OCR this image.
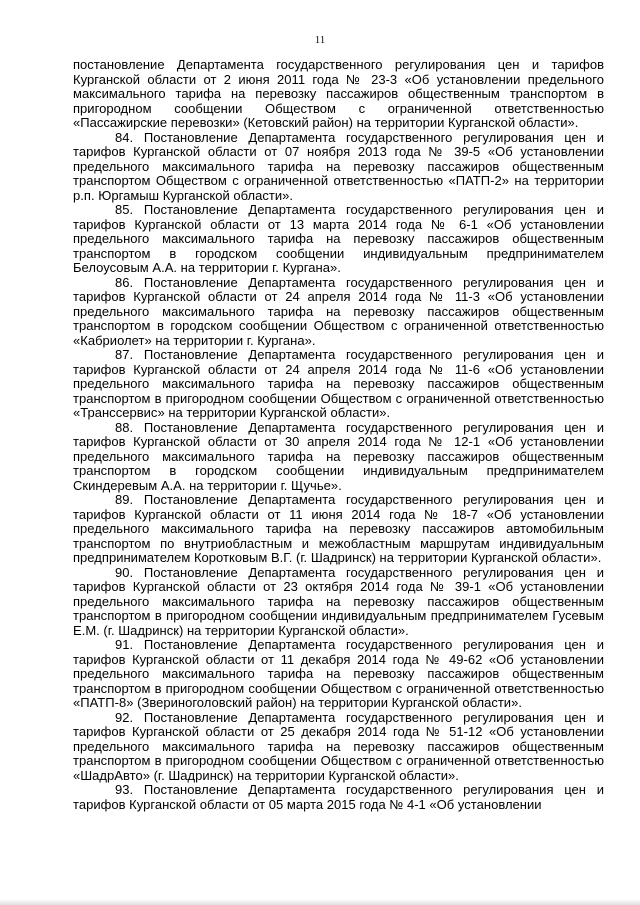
11

постановление Департамента государственного регулирования цен и тарифов Курганской области от 2 июня 2011 года № 23-3 «Об установлении предельного максимального тарифа на перевозку пассажиров общественным транспортом в пригородном сообщении Обществом с ограниченной ответственностью «Пассажирские перевозки» (Кетовский район) на территории Курганской области».

84. Постановление Департамента государственного регулирования цен и тарифов Курганской области от 07 ноября 2013 года № 39-5 «Об установлении предельного максимального тарифа на перевозку пассажиров общественным транспортом Обществом с ограниченной ответственностью «ПАТП-2» на территории р.п. Юргамыш Курганской области».

85. Постановление Департамента государственного регулирования цен и тарифов Курганской области от 13 марта 2014 года № 6-1 «Об установлении предельного максимального тарифа на перевозку пассажиров общественным транспортом в городском сообщении индивидуальным предпринимателем Белоусовым А.А. на территории г. Кургана».

86. Постановление Департамента государственного регулирования цен и тарифов Курганской области от 24 апреля 2014 года № 11-3 «Об установлении предельного максимального тарифа на перевозку пассажиров общественным транспортом в городском сообщении Обществом с ограниченной ответственностью «Кабриолет» на территории г. Кургана».

87. Постановление Департамента государственного регулирования цен и тарифов Курганской области от 24 апреля 2014 года № 11-6 «Об установлении предельного максимального тарифа на перевозку пассажиров общественным транспортом в пригородном сообщении Обществом с ограниченной ответственностью «Транссервис» на территории Курганской области».

88. Постановление Департамента государственного регулирования цен и тарифов Курганской области от 30 апреля 2014 года № 12-1 «Об установлении предельного максимального тарифа на перевозку пассажиров общественным транспортом в городском сообщении индивидуальным предпринимателем Скиндеревым А.А. на территории г. Щучье».

89. Постановление Департамента государственного регулирования цен и тарифов Курганской области от 11 июня 2014 года № 18-7 «Об установлении предельного максимального тарифа на перевозку пассажиров автомобильным транспортом по внутриобластным и межобластным маршрутам индивидуальным предпринимателем Коротковым В.Г. (г. Шадринск) на территории Курганской области».

90. Постановление Департамента государственного регулирования цен и тарифов Курганской области от 23 октября 2014 года № 39-1 «Об установлении предельного максимального тарифа на перевозку пассажиров общественным транспортом в пригородном сообщении индивидуальным предпринимателем Гусевым Е.М. (г. Шадринск) на территории Курганской области».

91. Постановление Департамента государственного регулирования цен и тарифов Курганской области от 11 декабря 2014 года № 49-62 «Об установлении предельного максимального тарифа на перевозку пассажиров общественным транспортом в пригородном сообщении Обществом с ограниченной ответственностью «ПАТП-8» (Звериноголовский район) на территории Курганской области».

92. Постановление Департамента государственного регулирования цен и тарифов Курганской области от 25 декабря 2014 года № 51-12 «Об установлении предельного максимального тарифа на перевозку пассажиров общественным транспортом в пригородном сообщении Обществом с ограниченной ответственностью «ШадрАвто» (г. Шадринск) на территории Курганской области».

93. Постановление Департамента государственного регулирования цен и тарифов Курганской области от 05 марта 2015 года № 4-1 «Об установлении
